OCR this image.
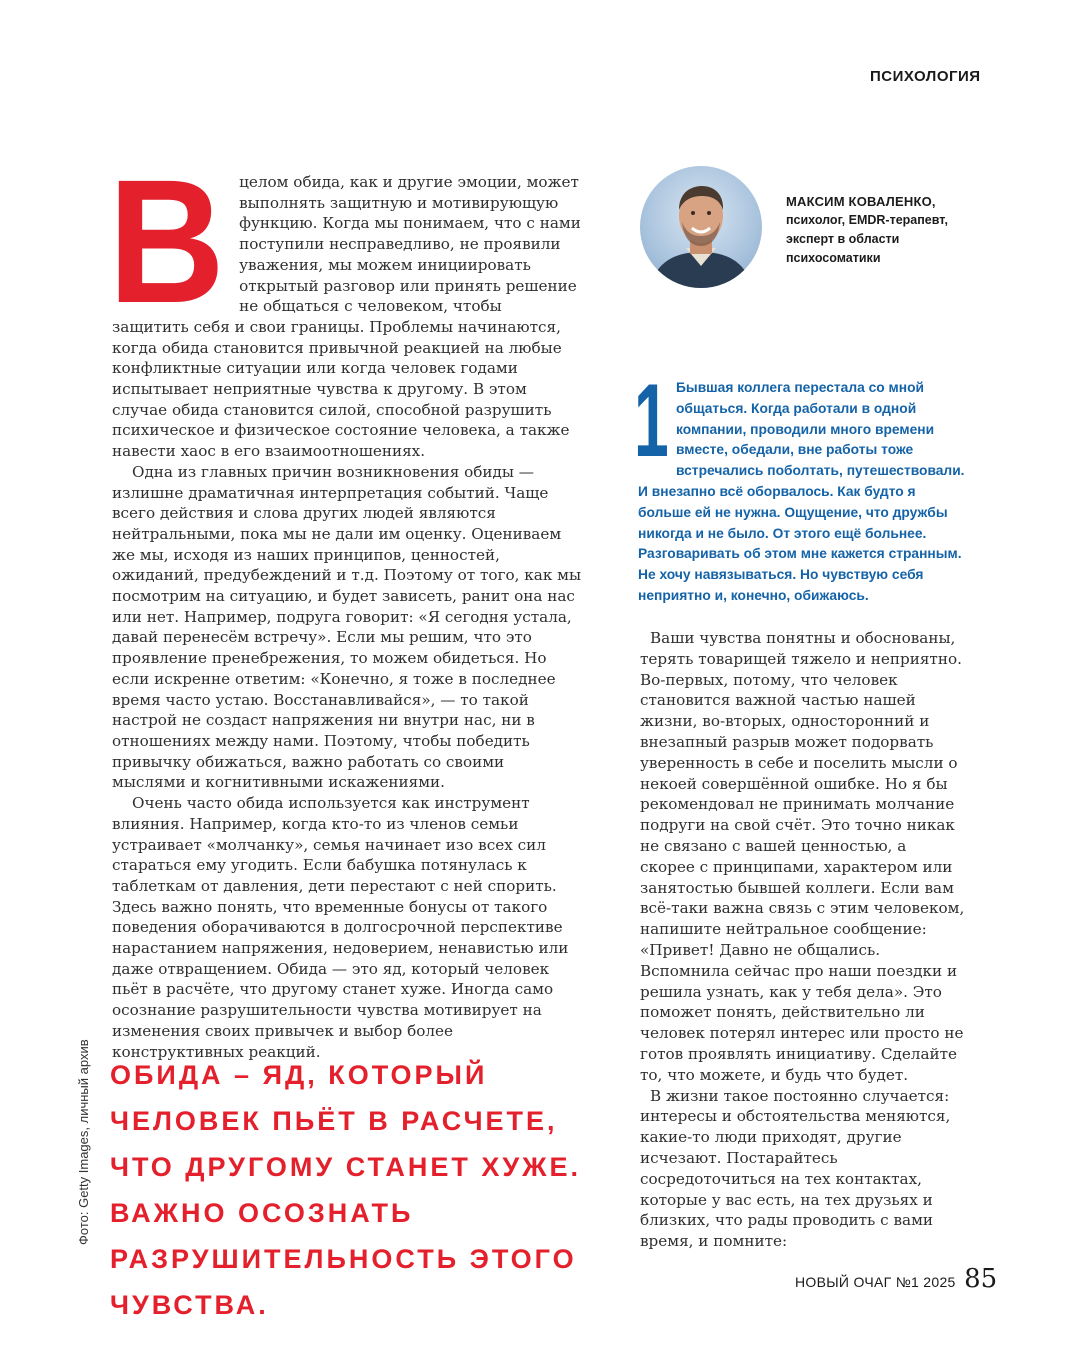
ПСИХОЛОГИЯ
Фото: Getty Images, личный архив

В целом обида, как и другие эмоции, может выполнять защитную и мотивирующую функцию. Когда мы понимаем, что с нами поступили несправедливо, не проявили уважения, мы можем инициировать открытый разговор или принять решение не общаться с человеком, чтобы защитить себя и свои границы. Проблемы начинаются, когда обида становится привычной реакцией на любые конфликтные ситуации или когда человек годами испытывает неприятные чувства к другому. В этом случае обида становится силой, способной разрушить психическое и физическое состояние человека, а также навести хаос в его взаимоотношениях.

Одна из главных причин возникновения обиды — излишне драматичная интерпретация событий. Чаще всего действия и слова других людей являются нейтральными, пока мы не дали им оценку. Оцениваем же мы, исходя из наших принципов, ценностей, ожиданий, предубеждений и т.д. Поэтому от того, как мы посмотрим на ситуацию, и будет зависеть, ранит она нас или нет. Например, подруга говорит: «Я сегодня устала, давай перенесём встречу». Если мы решим, что это проявление пренебрежения, то можем обидеться. Но если искренне ответим: «Конечно, я тоже в последнее время часто устаю. Восстанавливайся», — то такой настрой не создаст напряжения ни внутри нас, ни в отношениях между нами. Поэтому, чтобы победить привычку обижаться, важно работать со своими мыслями и когнитивными искажениями.

Очень часто обида используется как инструмент влияния. Например, когда кто-то из членов семьи устраивает «молчанку», семья начинает изо всех сил стараться ему угодить. Если бабушка потянулась к таблеткам от давления, дети перестают с ней спорить. Здесь важно понять, что временные бонусы от такого поведения оборачиваются в долгосрочной перспективе нарастанием напряжения, недоверием, ненавистью или даже отвращением. Обида — это яд, который человек пьёт в расчёте, что другому станет хуже. Иногда само осознание разрушительности чувства мотивирует на изменения своих привычек и выбор более конструктивных реакций.

ОБИДА – ЯД, КОТОРЫЙ ЧЕЛОВЕК ПЬЁТ В РАСЧЕТЕ, ЧТО ДРУГОМУ СТАНЕТ ХУЖЕ. ВАЖНО ОСОЗНАТЬ РАЗРУШИТЕЛЬНОСТЬ ЭТОГО ЧУВСТВА.
МАКСИМ КОВАЛЕНКО,
психолог, EMDR-терапевт, эксперт в области психосоматики
1 Бывшая коллега перестала со мной общаться. Когда работали в одной компании, проводили много времени вместе, обедали, вне работы тоже встречались поболтать, путешествовали. И внезапно всё оборвалось. Как будто я больше ей не нужна. Ощущение, что дружбы никогда и не было. От этого ещё больнее. Разговаривать об этом мне кажется странным. Не хочу навязываться. Но чувствую себя неприятно и, конечно, обижаюсь.

Ваши чувства понятны и обоснованы, терять товарищей тяжело и неприятно. Во-первых, потому, что человек становится важной частью нашей жизни, во-вторых, односторонний и внезапный разрыв может подорвать уверенность в себе и поселить мысли о некоей совершённой ошибке. Но я бы рекомендовал не принимать молчание подруги на свой счёт. Это точно никак не связано с вашей ценностью, а скорее с принципами, характером или занятостью бывшей коллеги. Если вам всё-таки важна связь с этим человеком, напишите нейтральное сообщение: «Привет! Давно не общались. Вспомнила сейчас про наши поездки и решила узнать, как у тебя дела». Это поможет понять, действительно ли человек потерял интерес или просто не готов проявлять инициативу. Сделайте то, что можете, и будь что будет.

В жизни такое постоянно случается: интересы и обстоятельства меняются, какие-то люди приходят, другие исчезают. Постарайтесь сосредоточиться на тех контактах, которые у вас есть, на тех друзьях и близких, что рады проводить с вами время, и помните:

НОВЫЙ ОЧАГ №1 2025 85
